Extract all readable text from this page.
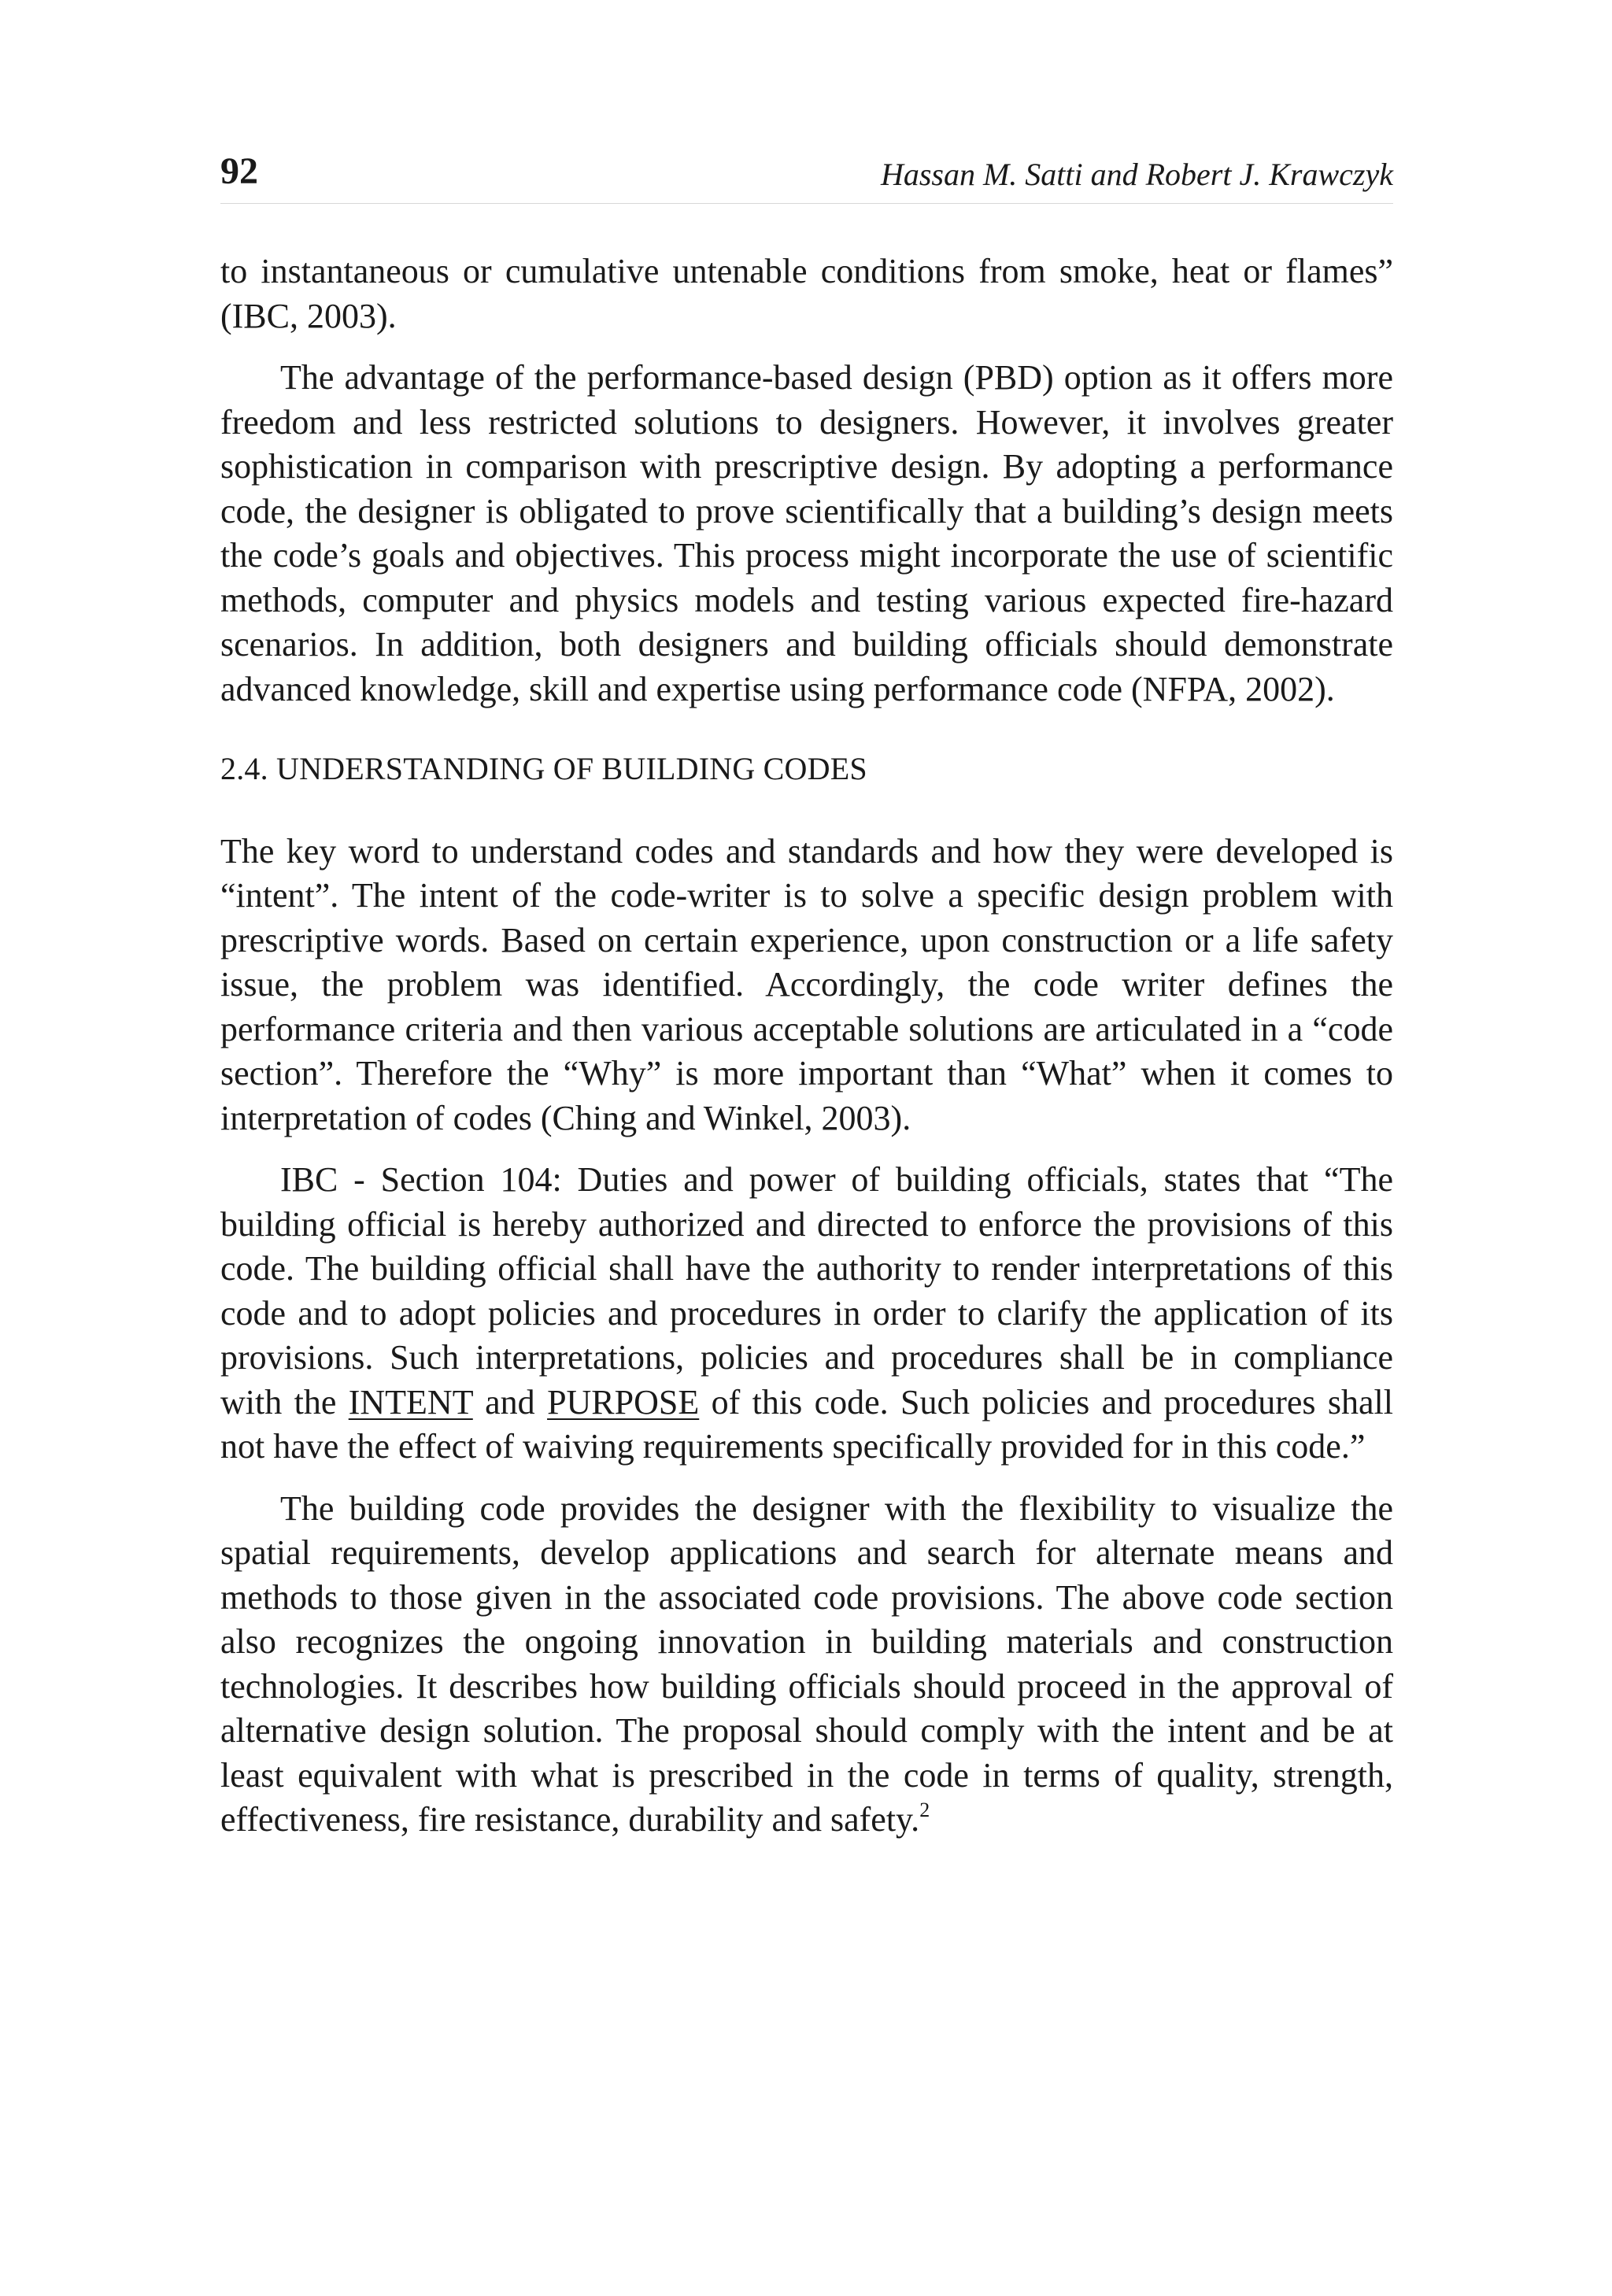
92	Hassan M. Satti and Robert J. Krawczyk

to instantaneous or cumulative untenable conditions from smoke, heat or flames” (IBC, 2003).

The advantage of the performance-based design (PBD) option as it offers more freedom and less restricted solutions to designers. However, it involves greater sophistication in comparison with prescriptive design. By adopting a performance code, the designer is obligated to prove scientifically that a building’s design meets the code’s goals and objectives. This process might incorporate the use of scientific methods, computer and physics models and testing various expected fire-hazard scenarios. In addition, both designers and building officials should demonstrate advanced knowledge, skill and expertise using performance code (NFPA, 2002).

2.4. UNDERSTANDING OF BUILDING CODES

The key word to understand codes and standards and how they were developed is “intent”. The intent of the code-writer is to solve a specific design problem with prescriptive words. Based on certain experience, upon construction or a life safety issue, the problem was identified. Accordingly, the code writer defines the performance criteria and then various acceptable solutions are articulated in a “code section”. Therefore the “Why” is more important than “What” when it comes to interpretation of codes (Ching and Winkel, 2003).

IBC - Section 104: Duties and power of building officials, states that “The building official is hereby authorized and directed to enforce the provisions of this code. The building official shall have the authority to render interpretations of this code and to adopt policies and procedures in order to clarify the application of its provisions. Such interpretations, policies and procedures shall be in compliance with the INTENT and PURPOSE of this code. Such policies and procedures shall not have the effect of waiving requirements specifically provided for in this code.”

The building code provides the designer with the flexibility to visualize the spatial requirements, develop applications and search for alternate means and methods to those given in the associated code provisions. The above code section also recognizes the ongoing innovation in building materials and construction technologies. It describes how building officials should proceed in the approval of alternative design solution. The proposal should comply with the intent and be at least equivalent with what is prescribed in the code in terms of quality, strength, effectiveness, fire resistance, durability and safety.$^2$
